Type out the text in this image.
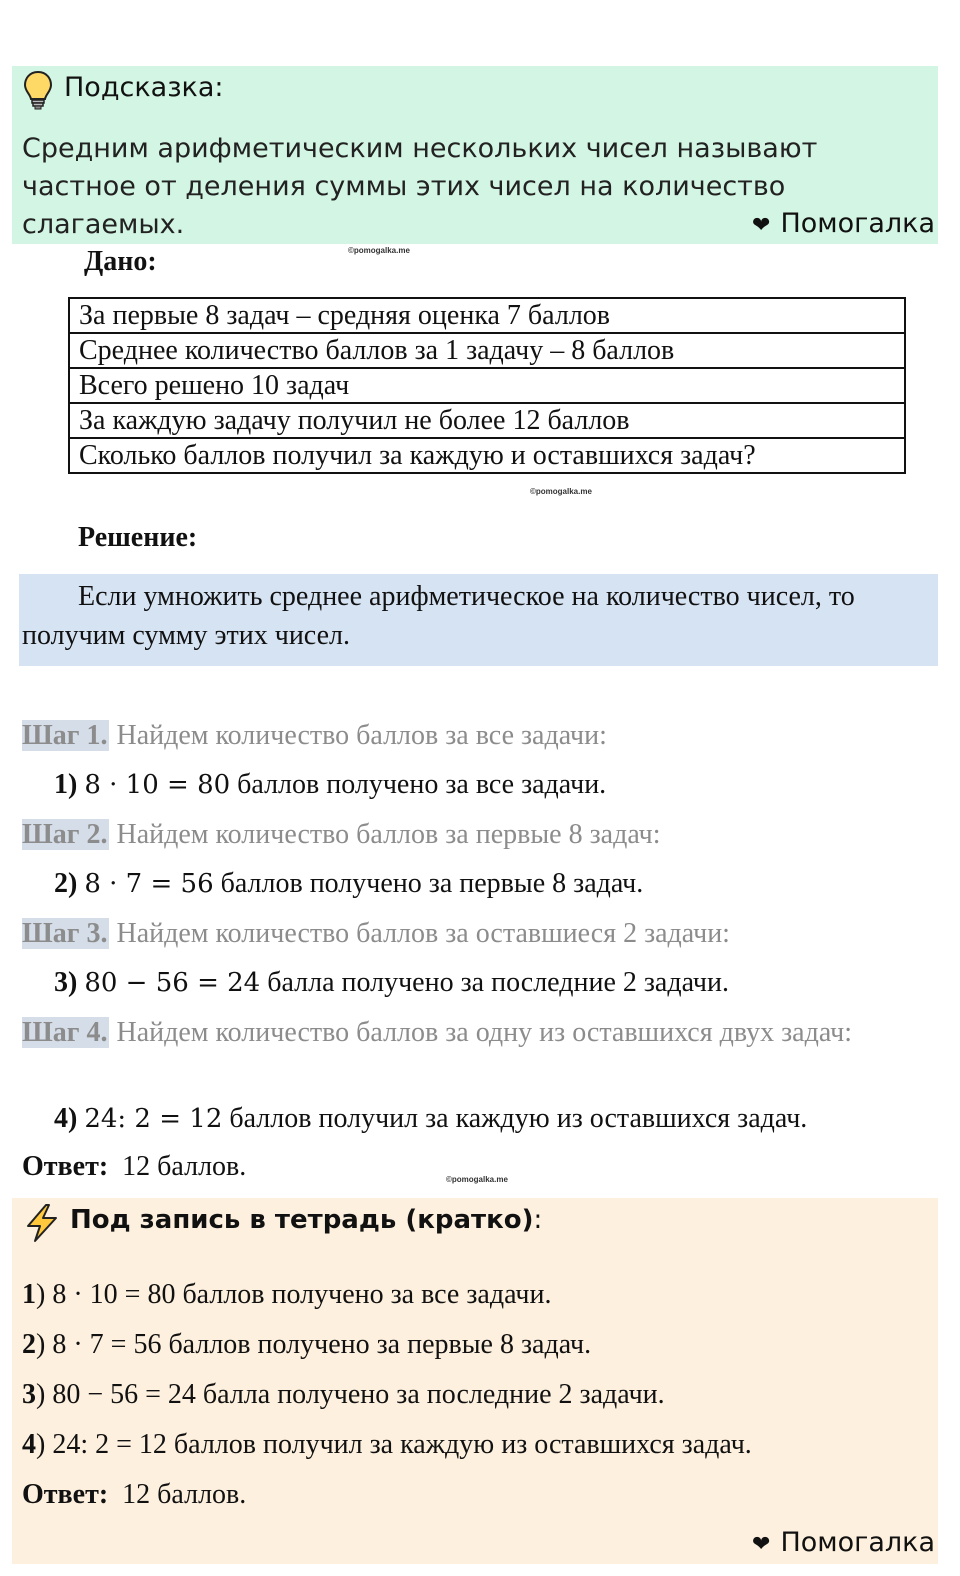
Подсказка:
Средним арифметическим нескольких чисел называют частное от деления суммы этих чисел на количество слагаемых.	❤ Помогалка
Дано:	©pomogalka.me
За первые 8 задач – средняя оценка 7 баллов
Среднее количество баллов за 1 задачу – 8 баллов
Всего решено 10 задач
За каждую задачу получил не более 12 баллов
Сколько баллов получил за каждую и оставшихся задач?
©pomogalka.me
Решение:
Если умножить среднее арифметическое на количество чисел, то получим сумму этих чисел.
Шаг 1. Найдем количество баллов за все задачи:
1) 8 · 10 = 80 баллов получено за все задачи.
Шаг 2. Найдем количество баллов за первые 8 задач:
2) 8 · 7 = 56 баллов получено за первые 8 задач.
Шаг 3. Найдем количество баллов за оставшиеся 2 задачи:
3) 80 − 56 = 24 балла получено за последние 2 задачи.
Шаг 4. Найдем количество баллов за одну из оставшихся двух задач:
4) 24: 2 = 12 баллов получил за каждую из оставшихся задач.
Ответ: 12 баллов.	©pomogalka.me
Под запись в тетрадь (кратко):
1) 8 · 10 = 80 баллов получено за все задачи.
2) 8 · 7 = 56 баллов получено за первые 8 задач.
3) 80 − 56 = 24 балла получено за последние 2 задачи.
4) 24: 2 = 12 баллов получил за каждую из оставшихся задач.
Ответ: 12 баллов.
❤ Помогалка
